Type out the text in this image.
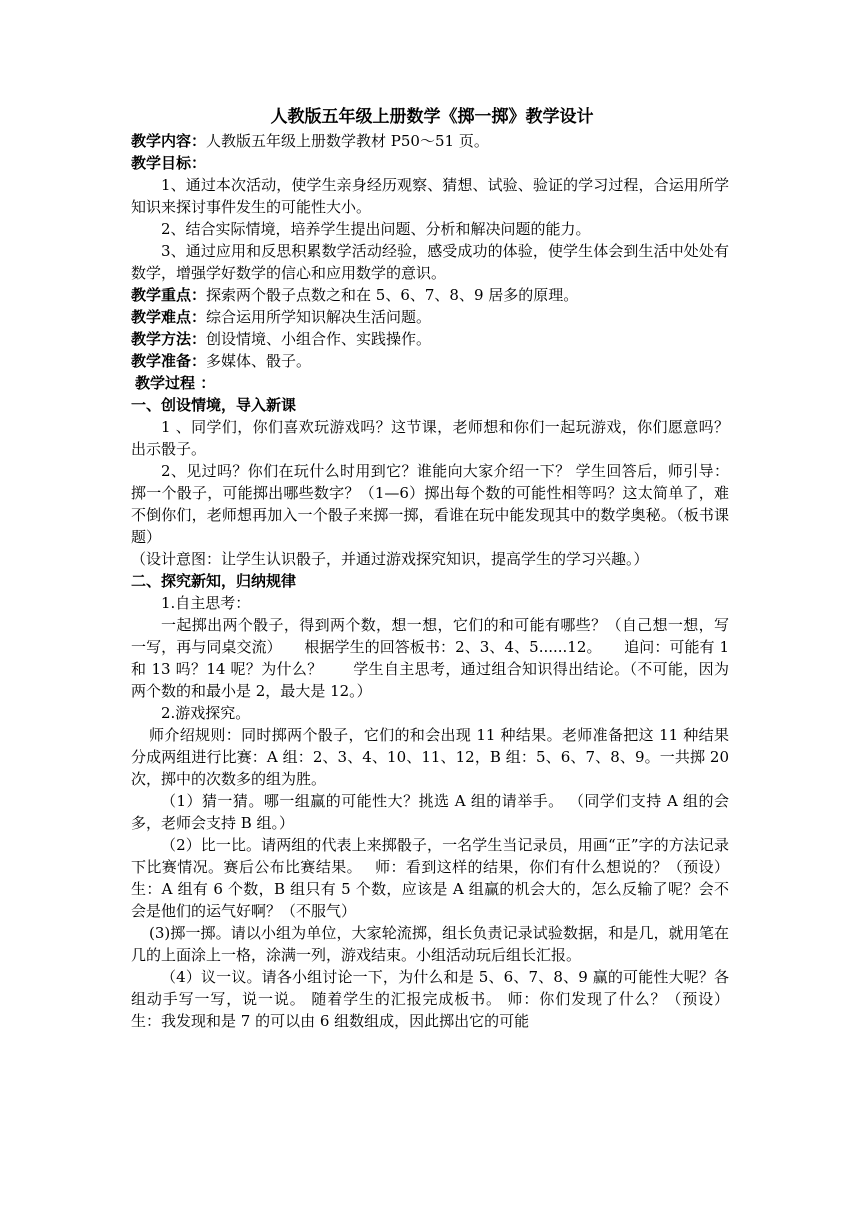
人教版五年级上册数学《掷一掷》教学设计

教学内容：人教版五年级上册数学教材 P50～51 页。

教学目标：

1、通过本次活动，使学生亲身经历观察、猜想、试验、验证的学习过程，合运用所学知识来探讨事件发生的可能性大小。

2、结合实际情境，培养学生提出问题、分析和解决问题的能力。

3、通过应用和反思积累数学活动经验，感受成功的体验，使学生体会到生活中处处有数学，增强学好数学的信心和应用数学的意识。

教学重点：探索两个骰子点数之和在 5、6、7、8、9 居多的原理。

教学难点：综合运用所学知识解决生活问题。

教学方法：创设情境、小组合作、实践操作。

教学准备：多媒体、骰子。

教学过程 ：

一、创设情境，导入新课

1 、同学们，你们喜欢玩游戏吗？这节课，老师想和你们一起玩游戏，你们愿意吗？ 出示骰子。

2、见过吗？你们在玩什么时用到它？谁能向大家介绍一下？ 学生回答后，师引导：掷一个骰子，可能掷出哪些数字？（1—6）掷出每个数的可能性相等吗？这太简单了，难不倒你们，老师想再加入一个骰子来掷一掷，看谁在玩中能发现其中的数学奥秘。（板书课题）

（设计意图：让学生认识骰子，并通过游戏探究知识，提高学生的学习兴趣。）

二、探究新知，归纳规律

1.自主思考：

一起掷出两个骰子，得到两个数，想一想，它们的和可能有哪些？（自己想一想，写一写，再与同桌交流）　　根据学生的回答板书：2、3、4、5......12。　　追问：可能有 1 和 13 吗？14 呢？为什么？　　学生自主思考，通过组合知识得出结论。（不可能，因为两个数的和最小是 2，最大是 12。）

2.游戏探究。

师介绍规则：同时掷两个骰子，它们的和会出现 11 种结果。老师准备把这 11 种结果分成两组进行比赛：A 组：2、3、4、10、11、12，B 组：5、6、7、8、9。一共掷 20 次，掷中的次数多的组为胜。

（1）猜一猜。哪一组赢的可能性大？挑选 A 组的请举手。 （同学们支持 A 组的会多，老师会支持 B 组。）

（2）比一比。请两组的代表上来掷骰子，一名学生当记录员，用画“正”字的方法记录下比赛情况。赛后公布比赛结果。　 师：看到这样的结果，你们有什么想说的？（预设） 生：A 组有 6 个数，B 组只有 5 个数，应该是 A 组赢的机会大的，怎么反输了呢？会不会是他们的运气好啊？（不服气）

(3)掷一掷。请以小组为单位，大家轮流掷，组长负责记录试验数据，和是几，就用笔在几的上面涂上一格，涂满一列，游戏结束。小组活动玩后组长汇报。

（4）议一议。请各小组讨论一下，为什么和是 5、6、7、8、9 赢的可能性大呢？各组动手写一写，说一说。 随着学生的汇报完成板书。 师：你们发现了什么？（预设） 生：我发现和是 7 的可以由 6 组数组成，因此掷出它的可能
